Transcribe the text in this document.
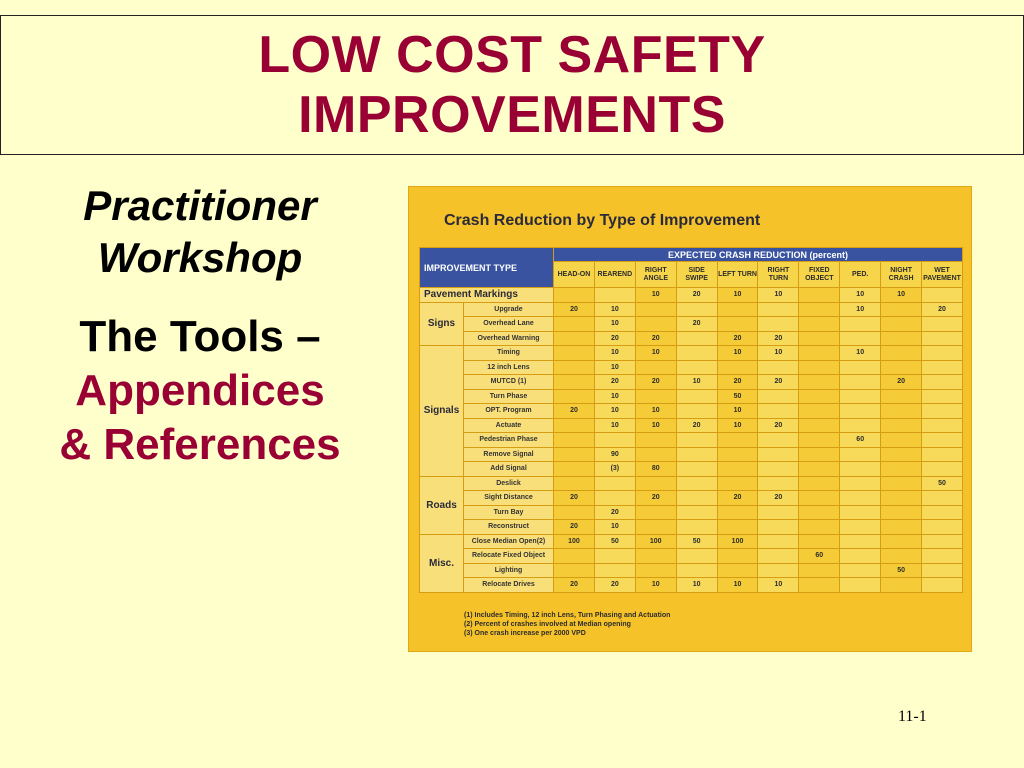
LOW COST SAFETY
IMPROVEMENTS
Practitioner
Workshop
The Tools –
Appendices
& References
Crash Reduction by Type of Improvement
IMPROVEMENT TYPE		EXPECTED CRASH REDUCTION (percent)									
		HEAD-ON	REAREND	RIGHT ANGLE	SIDE SWIPE	LEFT TURN	RIGHT TURN	FIXED OBJECT	PED.	NIGHT CRASH	WET PAVEMENT
Pavement Markings				10	20	10	10		10	10	
Signs	Upgrade	20	10						10		20
	Overhead Lane		10		20						
	Overhead Warning		20	20		20	20				
Signals	Timing		10	10		10	10		10		
	12 inch Lens		10								
	MUTCD (1)		20	20	10	20	20			20	
	Turn Phase		10			50					
	OPT. Program	20	10	10		10					
	Actuate		10	10	20	10	20				
	Pedestrian Phase								60		
	Remove Signal		90								
	Add Signal		(3)	80							
Roads	Deslick										50
	Sight Distance	20		20		20	20				
	Turn Bay		20								
	Reconstruct	20	10								
Misc.	Close Median Open(2)	100	50	100	50	100					
	Relocate Fixed Object							60			
	Lighting									50	
	Relocate Drives	20	20	10	10	10	10				
(1) Includes Timing, 12 inch Lens, Turn Phasing and Actuation
(2) Percent of crashes involved at Median opening
(3) One crash increase per 2000 VPD
11-1
